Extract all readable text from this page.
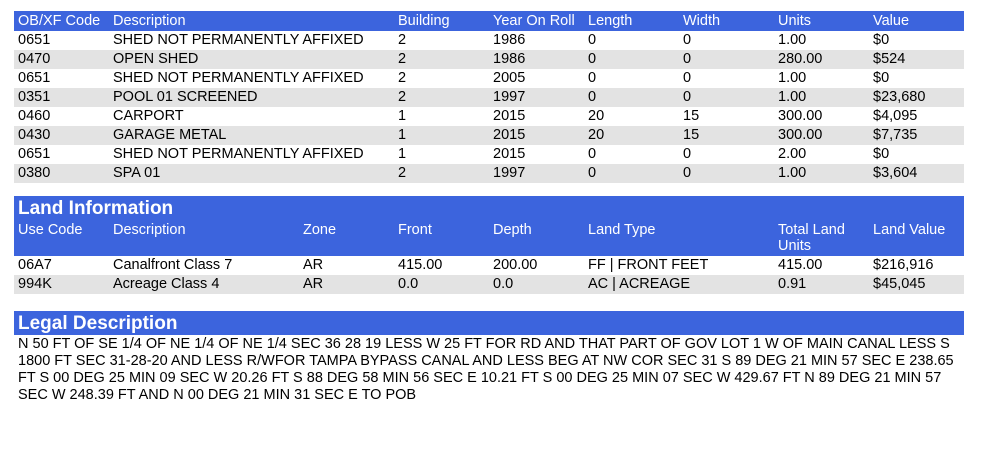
OB/XF Code	Description	Building	Year On Roll	Length	Width	Units	Value
0651	SHED NOT PERMANENTLY AFFIXED	2	1986	0	0	1.00	$0
0470	OPEN SHED	2	1986	0	0	280.00	$524
0651	SHED NOT PERMANENTLY AFFIXED	2	2005	0	0	1.00	$0
0351	POOL 01 SCREENED	2	1997	0	0	1.00	$23,680
0460	CARPORT	1	2015	20	15	300.00	$4,095
0430	GARAGE METAL	1	2015	20	15	300.00	$7,735
0651	SHED NOT PERMANENTLY AFFIXED	1	2015	0	0	2.00	$0
0380	SPA 01	2	1997	0	0	1.00	$3,604
Land Information
Use Code	Description	Zone	Front	Depth	Land Type	Total Land Units	Land Value
06A7	Canalfront Class 7	AR	415.00	200.00	FF | FRONT FEET	415.00	$216,916
994K	Acreage Class 4	AR	0.0	0.0	AC | ACREAGE	0.91	$45,045
Legal Description
N 50 FT OF SE 1/4 OF NE 1/4 OF NE 1/4 SEC 36 28 19 LESS W 25 FT FOR RD AND THAT PART OF GOV LOT 1 W OF MAIN CANAL LESS S 1800 FT SEC 31-28-20 AND LESS R/WFOR TAMPA BYPASS CANAL AND LESS BEG AT NW COR SEC 31 S 89 DEG 21 MIN 57 SEC E 238.65 FT S 00 DEG 25 MIN 09 SEC W 20.26 FT S 88 DEG 58 MIN 56 SEC E 10.21 FT S 00 DEG 25 MIN 07 SEC W 429.67 FT N 89 DEG 21 MIN 57 SEC W 248.39 FT AND N 00 DEG 21 MIN 31 SEC E TO POB
